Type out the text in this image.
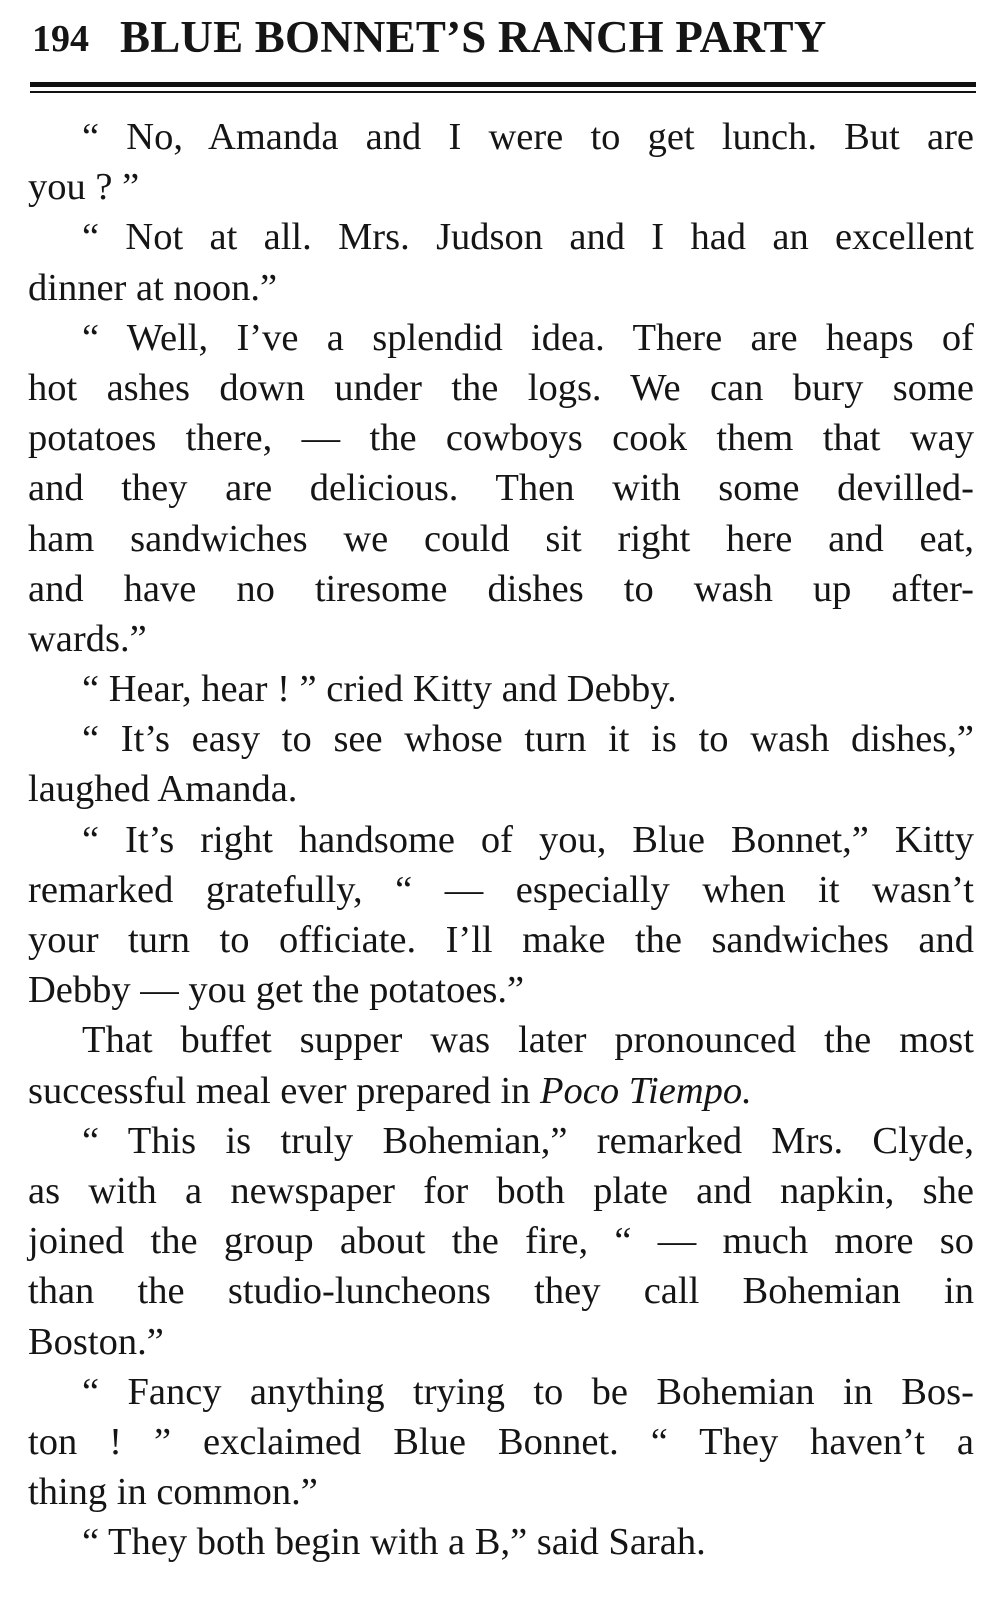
194 BLUE BONNET’S RANCH PARTY
“ No, Amanda and I were to get lunch. But are
you ? ”
“ Not at all. Mrs. Judson and I had an excellent
dinner at noon.”
“ Well, I’ve a splendid idea. There are heaps of
hot ashes down under the logs. We can bury some
potatoes there, — the cowboys cook them that way
and they are delicious. Then with some devilled-
ham sandwiches we could sit right here and eat,
and have no tiresome dishes to wash up after-
wards.”
“ Hear, hear ! ” cried Kitty and Debby.
“ It’s easy to see whose turn it is to wash dishes,”
laughed Amanda.
“ It’s right handsome of you, Blue Bonnet,” Kitty
remarked gratefully, “ — especially when it wasn’t
your turn to officiate. I’ll make the sandwiches and
Debby — you get the potatoes.”
That buffet supper was later pronounced the most
successful meal ever prepared in Poco Tiempo.
“ This is truly Bohemian,” remarked Mrs. Clyde,
as with a newspaper for both plate and napkin, she
joined the group about the fire, “ — much more so
than the studio-luncheons they call Bohemian in
Boston.”
“ Fancy anything trying to be Bohemian in Bos-
ton ! ” exclaimed Blue Bonnet. “ They haven’t a
thing in common.”
“ They both begin with a B,” said Sarah.
